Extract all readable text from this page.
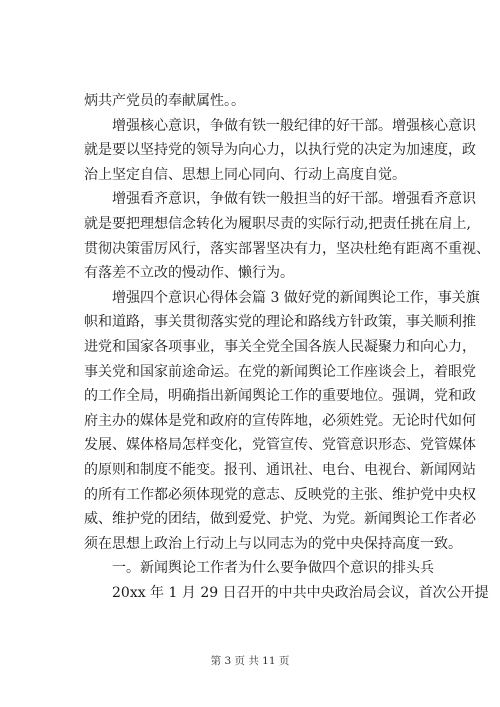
炳共产党员的奉献属性。。
增强核心意识，争做有铁一般纪律的好干部。增强核心意识
就是要以坚持党的领导为向心力，以执行党的决定为加速度，政
治上坚定自信、思想上同心同向、行动上高度自觉。
增强看齐意识，争做有铁一般担当的好干部。增强看齐意识
就是要把理想信念转化为履职尽责的实际行动,把责任挑在肩上,
贯彻决策雷厉风行，落实部署坚决有力，坚决杜绝有距离不重视、
有落差不立改的慢动作、懒行为。
增强四个意识心得体会篇 3 做好党的新闻舆论工作，事关旗
帜和道路，事关贯彻落实党的理论和路线方针政策，事关顺利推
进党和国家各项事业，事关全党全国各族人民凝聚力和向心力，
事关党和国家前途命运。在党的新闻舆论工作座谈会上，着眼党
的工作全局，明确指出新闻舆论工作的重要地位。强调，党和政
府主办的媒体是党和政府的宣传阵地，必须姓党。无论时代如何
发展、媒体格局怎样变化，党管宣传、党管意识形态、党管媒体
的原则和制度不能变。报刊、通讯社、电台、电视台、新闻网站
的所有工作都必须体现党的意志、反映党的主张、维护党中央权
威、维护党的团结，做到爱党、护党、为党。新闻舆论工作者必
须在思想上政治上行动上与以同志为的党中央保持高度一致。
一。新闻舆论工作者为什么要争做四个意识的排头兵
20xx 年 1 月 29 日召开的中共中央政治局会议，首次公开提
第 3 页 共 11 页
